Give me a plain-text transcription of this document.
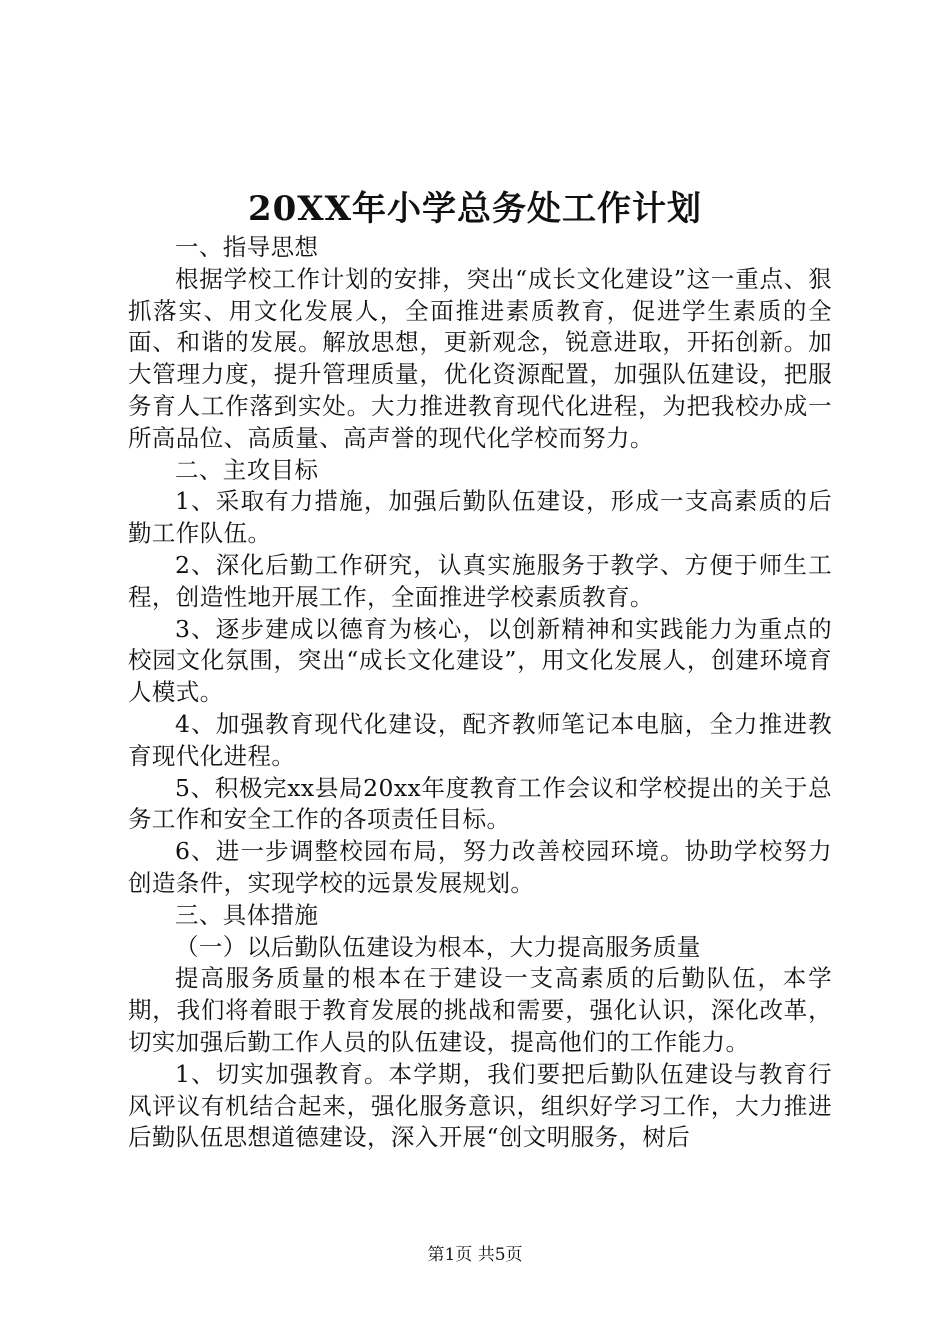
20XX年小学总务处工作计划

一、指导思想

根据学校工作计划的安排，突出“成长文化建设”这一重点、狠抓落实、用文化发展人，全面推进素质教育，促进学生素质的全面、和谐的发展。解放思想，更新观念，锐意进取，开拓创新。加大管理力度，提升管理质量，优化资源配置，加强队伍建设，把服务育人工作落到实处。大力推进教育现代化进程，为把我校办成一所高品位、高质量、高声誉的现代化学校而努力。

二、主攻目标

1、采取有力措施，加强后勤队伍建设，形成一支高素质的后勤工作队伍。

2、深化后勤工作研究，认真实施服务于教学、方便于师生工程，创造性地开展工作，全面推进学校素质教育。

3、逐步建成以德育为核心，以创新精神和实践能力为重点的校园文化氛围，突出“成长文化建设”，用文化发展人，创建环境育人模式。

4、加强教育现代化建设，配齐教师笔记本电脑，全力推进教育现代化进程。

5、积极完xx县局20xx年度教育工作会议和学校提出的关于总务工作和安全工作的各项责任目标。

6、进一步调整校园布局，努力改善校园环境。协助学校努力创造条件，实现学校的远景发展规划。

三、具体措施

（一）以后勤队伍建设为根本，大力提高服务质量

提高服务质量的根本在于建设一支高素质的后勤队伍，本学期，我们将着眼于教育发展的挑战和需要，强化认识，深化改革，切实加强后勤工作人员的队伍建设，提高他们的工作能力。

1、切实加强教育。本学期，我们要把后勤队伍建设与教育行风评议有机结合起来，强化服务意识，组织好学习工作，大力推进后勤队伍思想道德建设，深入开展“创文明服务，树后

第1页 共5页
